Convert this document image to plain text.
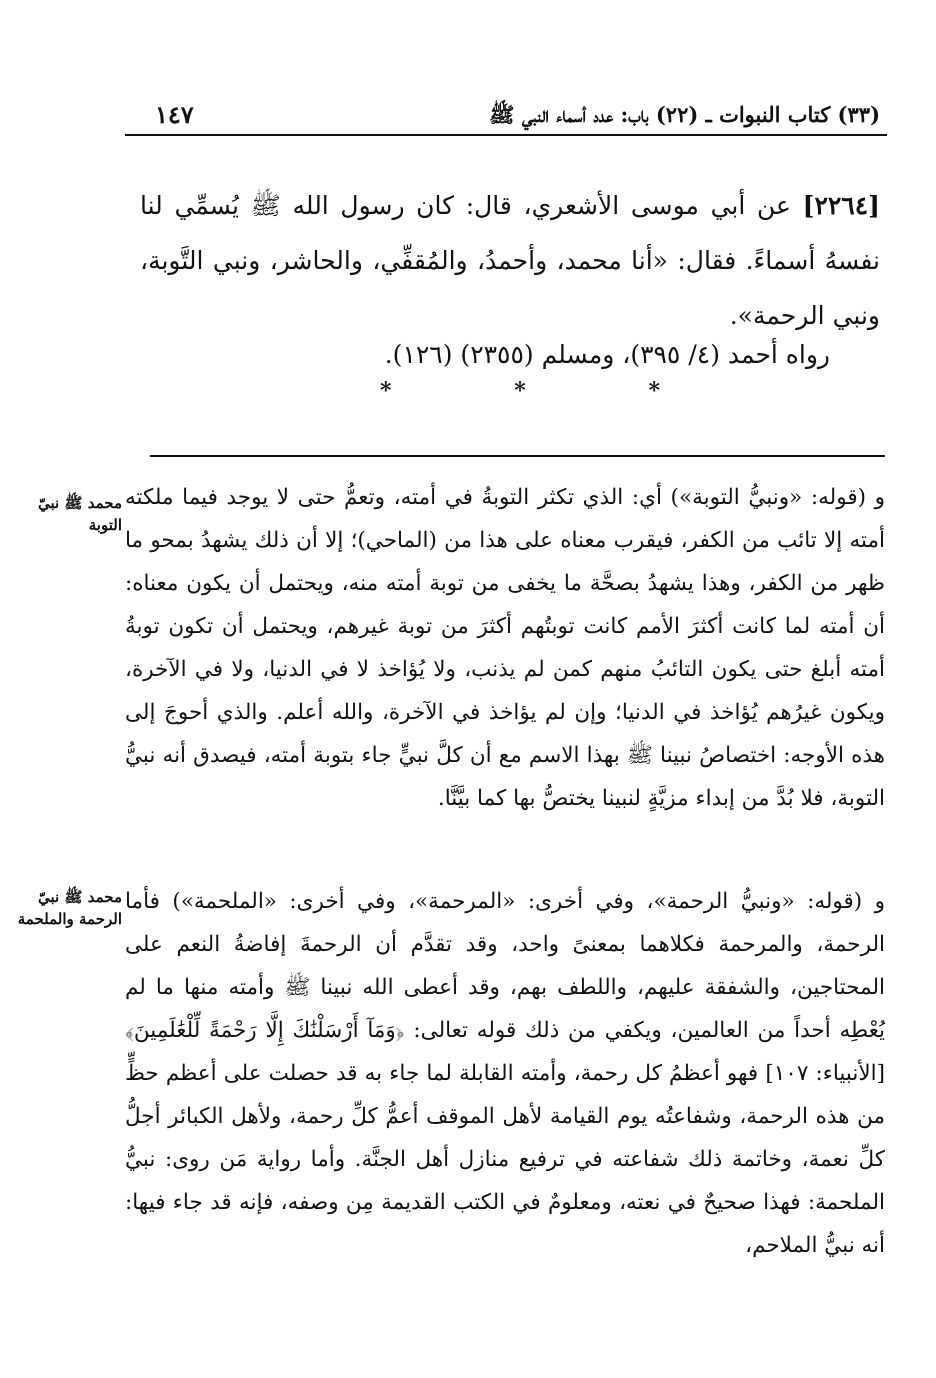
(٣٣) كتاب النبوات ـ (٢٢) باب: عدد أسماء النبي ﷺ
١٤٧

[٢٢٦٤] عن أبي موسى الأشعري، قال: كان رسول الله ﷺ يُسمِّي لنا نفسهُ أسماءً. فقال: «أنا محمد، وأحمدُ، والمُقفِّي، والحاشر، ونبي التَّوبة، ونبي الرحمة».

رواه أحمد (٤/ ٣٩٥)، ومسلم (٢٣٥٥) (١٢٦).
*	*	*
محمد ﷺ نبيّ التوبة

و (قوله: «ونبيُّ التوبة») أي: الذي تكثر التوبةُ في أمته، وتعمُّ حتى لا يوجد فيما ملكته أمته إلا تائب من الكفر، فيقرب معناه على هذا من (الماحي)؛ إلا أن ذلك يشهدُ بمحو ما ظهر من الكفر، وهذا يشهدُ بصحَّة ما يخفى من توبة أمته منه، ويحتمل أن يكون معناه: أن أمته لما كانت أكثرَ الأمم كانت توبتُهم أكثرَ من توبة غيرهم، ويحتمل أن تكون توبةُ أمته أبلغ حتى يكون التائبُ منهم كمن لم يذنب، ولا يُؤاخذ لا في الدنيا، ولا في الآخرة، ويكون غيرُهم يُؤاخذ في الدنيا؛ وإن لم يؤاخذ في الآخرة، والله أعلم. والذي أحوجَ إلى هذه الأوجه: اختصاصُ نبينا ﷺ بهذا الاسم مع أن كلَّ نبيٍّ جاء بتوبة أمته، فيصدق أنه نبيُّ التوبة، فلا بُدَّ من إبداء مزيَّةٍ لنبينا يختصُّ بها كما بيَّنَّا.

محمد ﷺ نبيّ الرحمة والملحمة

و (قوله: «ونبيُّ الرحمة»، وفي أخرى: «المرحمة»، وفي أخرى: «الملحمة») فأما الرحمة، والمرحمة فكلاهما بمعنىً واحد، وقد تقدَّم أن الرحمةَ إفاضةُ النعم على المحتاجين، والشفقة عليهم، واللطف بهم، وقد أعطى الله نبينا ﷺ وأمته منها ما لم يُعْطِه أحداً من العالمين، ويكفي من ذلك قوله تعالى: ﴿وَمَآ أَرْسَلْنَٰكَ إِلَّا رَحْمَةً لِّلْعَٰلَمِينَ﴾ [الأنبياء: ١٠٧] فهو أعظمُ كل رحمة، وأمته القابلة لما جاء به قد حصلت على أعظم حظٍّ من هذه الرحمة، وشفاعتُه يوم القيامة لأهل الموقف أعمُّ كلِّ رحمة، ولأهل الكبائر أجلُّ كلِّ نعمة، وخاتمة ذلك شفاعته في ترفيع منازل أهل الجنَّة. وأما رواية مَن روى: نبيُّ الملحمة: فهذا صحيحٌ في نعته، ومعلومٌ في الكتب القديمة مِن وصفه، فإنه قد جاء فيها: أنه نبيُّ الملاحم،
